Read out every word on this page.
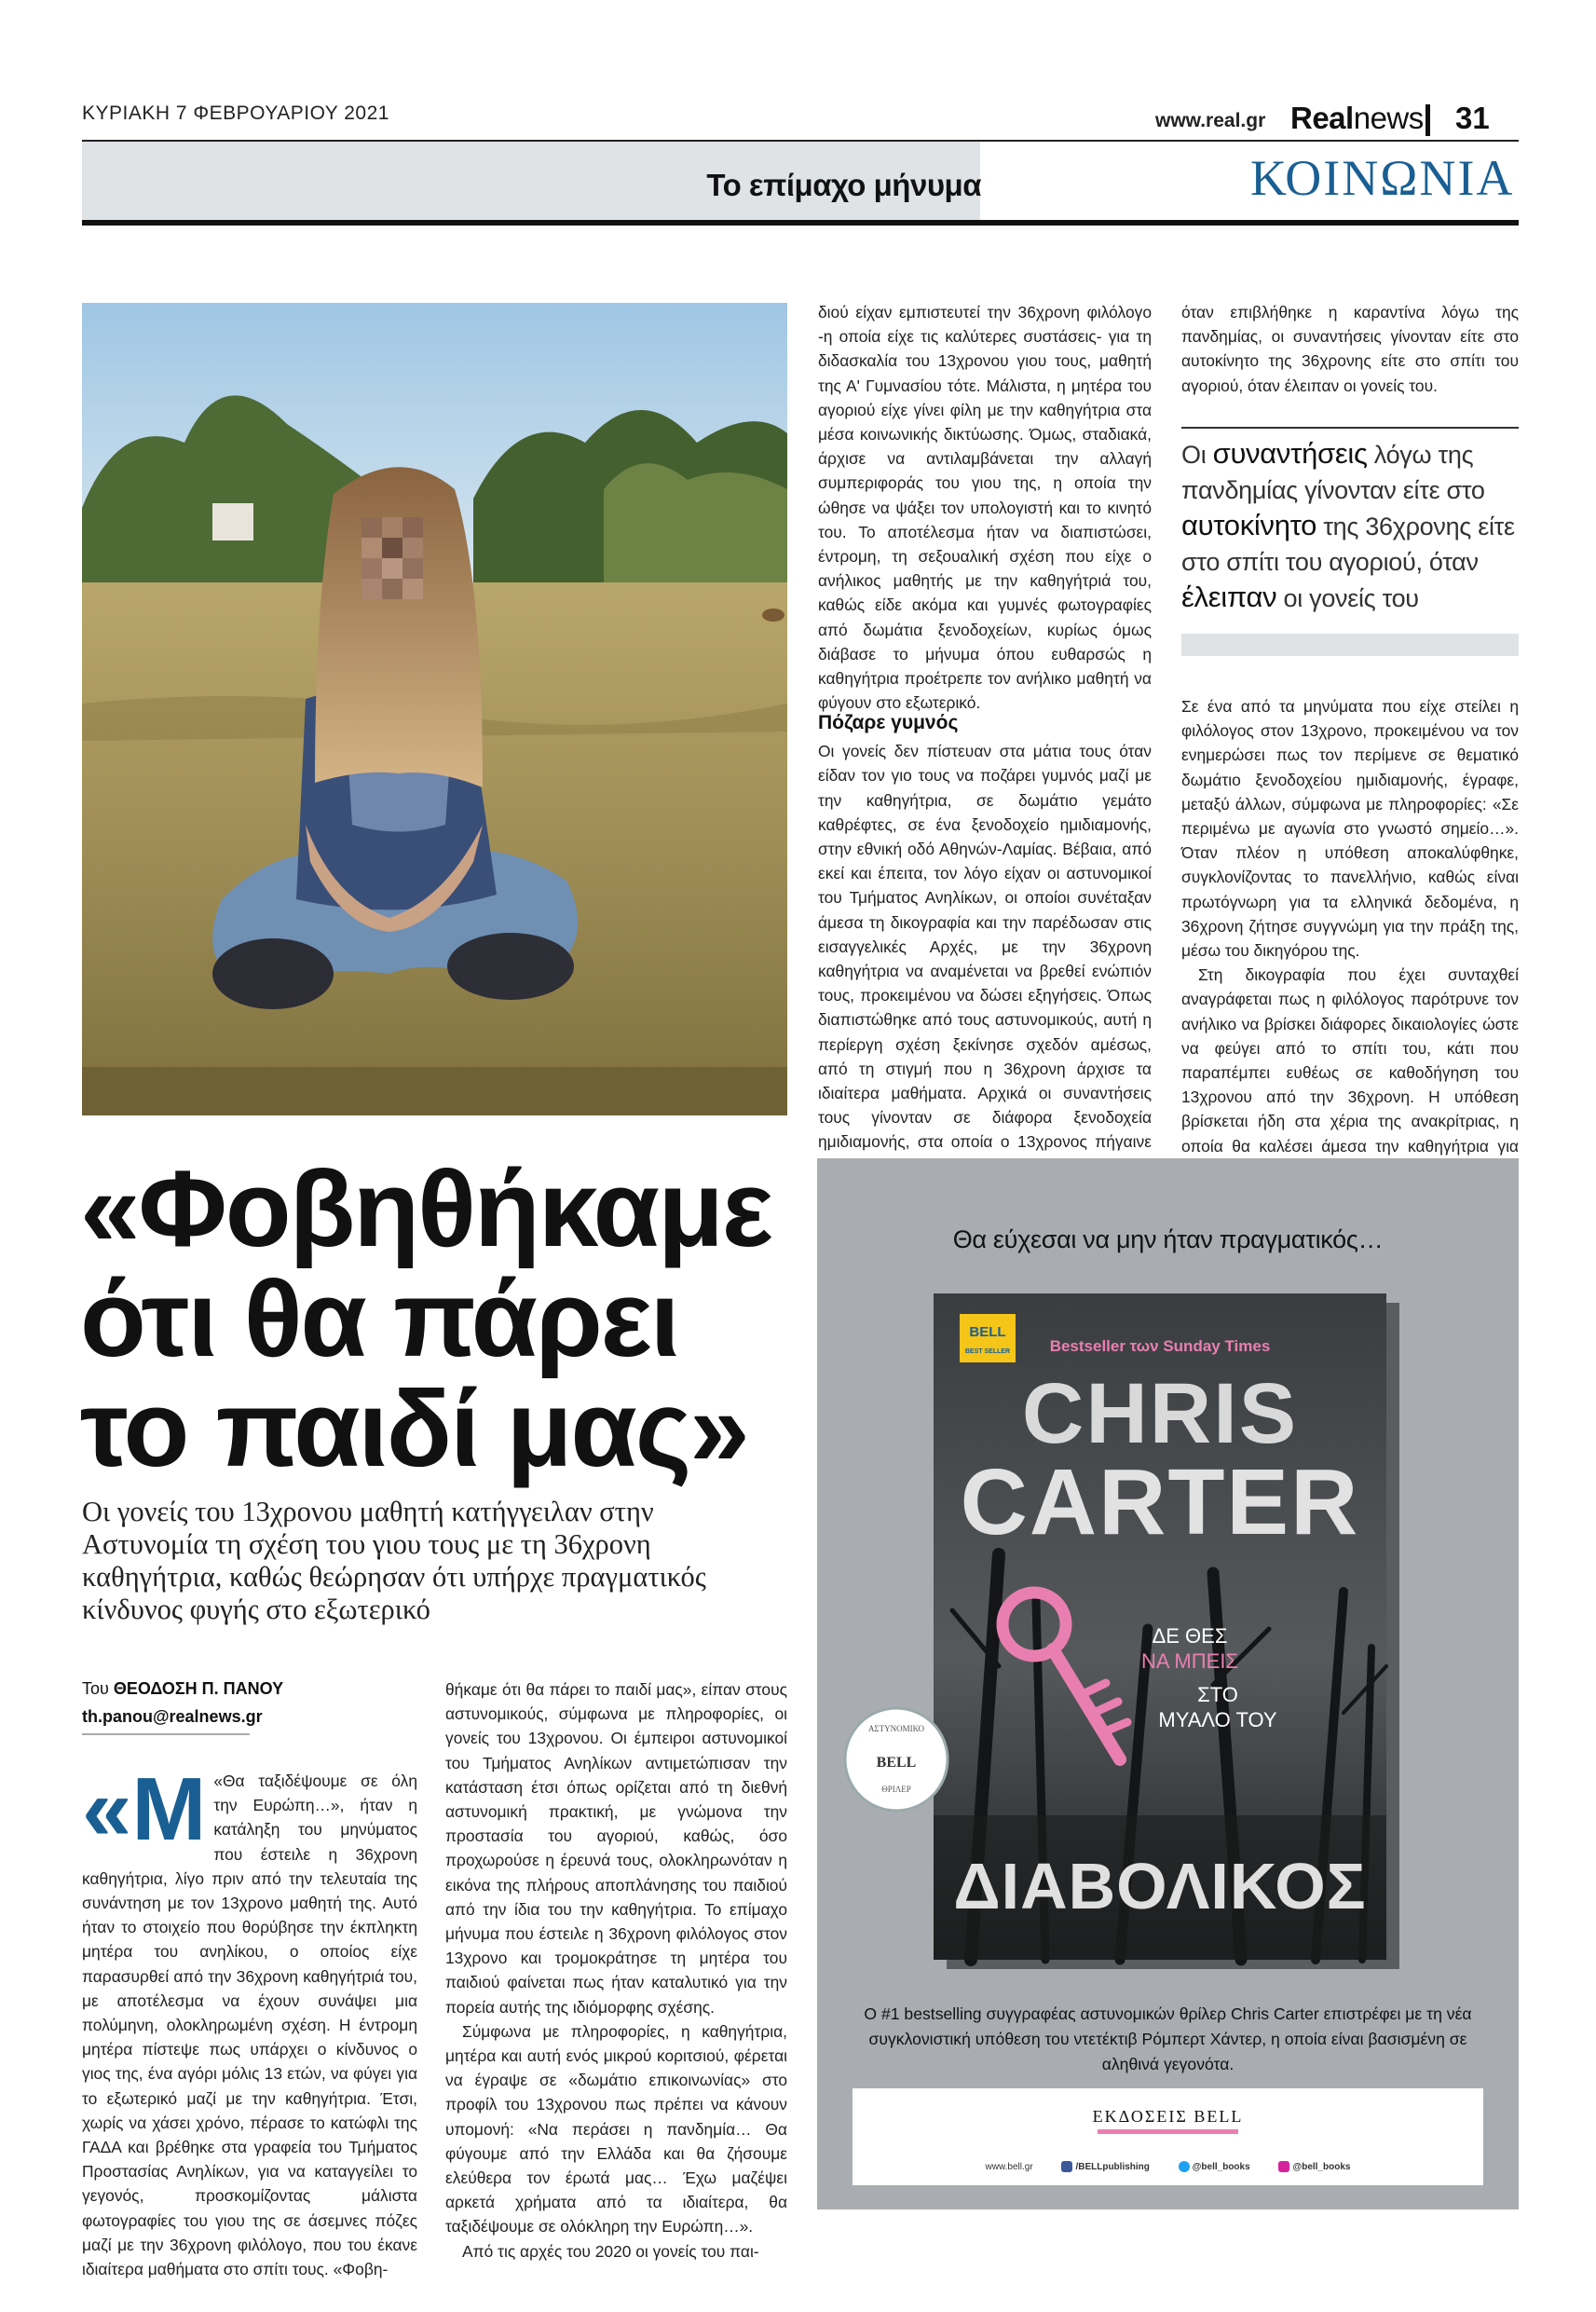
ΚΥΡΙΑΚΗ 7 ΦΕΒΡΟΥΑΡΙΟΥ 2021	www.real.gr Realnews 31
Το επίμαχο μήνυμα	ΚΟΙΝΩΝΙΑ

διού είχαν εμπιστευτεί την 36χρονη φιλόλογο -η οποία είχε τις καλύτερες συστάσεις- για τη διδασκαλία του 13χρονου γιου τους, μαθητή της Α' Γυμνασίου τότε. Μάλιστα, η μητέρα του αγοριού είχε γίνει φίλη με την καθηγήτρια στα μέσα κοινωνικής δικτύωσης. Όμως, σταδιακά, άρχισε να αντιλαμβάνεται την αλλαγή συμπεριφοράς του γιου της, η οποία την ώθησε να ψάξει τον υπολογιστή και το κινητό του. Το αποτέλεσμα ήταν να διαπιστώσει, έντρομη, τη σεξουαλική σχέση που είχε ο ανήλικος μαθητής με την καθηγήτριά του, καθώς είδε ακόμα και γυμνές φωτογραφίες από δωμάτια ξενοδοχείων, κυρίως όμως διάβασε το μήνυμα όπου ευθαρσώς η καθηγήτρια προέτρεπε τον ανήλικο μαθητή να φύγουν στο εξωτερικό.

Πόζαρε γυμνός

Οι γονείς δεν πίστευαν στα μάτια τους όταν είδαν τον γιο τους να ποζάρει γυμνός μαζί με την καθηγήτρια, σε δωμάτιο γεμάτο καθρέφτες, σε ένα ξενοδοχείο ημιδιαμονής, στην εθνική οδό Αθηνών-Λαμίας. Βέβαια, από εκεί και έπειτα, τον λόγο είχαν οι αστυνομικοί του Τμήματος Ανηλίκων, οι οποίοι συνέταξαν άμεσα τη δικογραφία και την παρέδωσαν στις εισαγγελικές Αρχές, με την 36χρονη καθηγήτρια να αναμένεται να βρεθεί ενώπιόν τους, προκειμένου να δώσει εξηγήσεις. Όπως διαπιστώθηκε από τους αστυνομικούς, αυτή η περίεργη σχέση ξεκίνησε σχεδόν αμέσως, από τη στιγμή που η 36χρονη άρχισε τα ιδιαίτερα μαθήματα. Αρχικά οι συναντήσεις τους γίνονταν σε διάφορα ξενοδοχεία ημιδιαμονής, στα οποία ο 13χρονος πήγαινε

όταν επιβλήθηκε η καραντίνα λόγω της πανδημίας, οι συναντήσεις γίνονταν είτε στο αυτοκίνητο της 36χρονης είτε στο σπίτι του αγοριού, όταν έλειπαν οι γονείς του.

Οι συναντήσεις λόγω της πανδημίας γίνονταν είτε στο αυτοκίνητο της 36χρονης είτε στο σπίτι του αγοριού, όταν έλειπαν οι γονείς του

Σε ένα από τα μηνύματα που είχε στείλει η φιλόλογος στον 13χρονο, προκειμένου να τον ενημερώσει πως τον περίμενε σε θεματικό δωμάτιο ξενοδοχείου ημιδιαμονής, έγραφε, μεταξύ άλλων, σύμφωνα με πληροφορίες: «Σε περιμένω με αγωνία στο γνωστό σημείο…». Όταν πλέον η υπόθεση αποκαλύφθηκε, συγκλονίζοντας το πανελλήνιο, καθώς είναι πρωτόγνωρη για τα ελληνικά δεδομένα, η 36χρονη ζήτησε συγγνώμη για την πράξη της, μέσω του δικηγόρου της.

Στη δικογραφία που έχει συνταχθεί αναγράφεται πως η φιλόλογος παρότρυνε τον ανήλικο να βρίσκει διάφορες δικαιολογίες ώστε να φεύγει από το σπίτι του, κάτι που παραπέμπει ευθέως σε καθοδήγηση του 13χρονου από την 36χρονη. Η υπόθεση βρίσκεται ήδη στα χέρια της ανακρίτριας, η οποία θα καλέσει άμεσα την καθηγήτρια για

«Φοβηθήκαμε ότι θα πάρει το παιδί μας»
Οι γονείς του 13χρονου μαθητή κατήγγειλαν στην Αστυνομία τη σχέση του γιου τους με τη 36χρονη καθηγήτρια, καθώς θεώρησαν ότι υπήρχε πραγματικός κίνδυνος φυγής στο εξωτερικό
Του ΘΕΟΔΟΣΗ Π. ΠΑΝΟΥ
th.panou@realnews.gr

«Μ «Θα ταξιδέψουμε σε όλη την Ευρώπη…», ήταν η κατάληξη του μηνύματος που έστειλε η 36χρονη καθηγήτρια, λίγο πριν από την τελευταία της συνάντηση με τον 13χρονο μαθητή της. Αυτό ήταν το στοιχείο που θορύβησε την έκπληκτη μητέρα του ανηλίκου, ο οποίος είχε παρασυρθεί από την 36χρονη καθηγήτριά του, με αποτέλεσμα να έχουν συνάψει μια πολύμηνη, ολοκληρωμένη σχέση. Η έντρομη μητέρα πίστεψε πως υπάρχει ο κίνδυνος ο γιος της, ένα αγόρι μόλις 13 ετών, να φύγει για το εξωτερικό μαζί με την καθηγήτρια. Έτσι, χωρίς να χάσει χρόνο, πέρασε το κατώφλι της ΓΑΔΑ και βρέθηκε στα γραφεία του Τμήματος Προστασίας Ανηλίκων, για να καταγγείλει το γεγονός, προσκομίζοντας μάλιστα φωτογραφίες του γιου της σε άσεμνες πόζες μαζί με την 36χρονη φιλόλογο, που του έκανε ιδιαίτερα μαθήματα στο σπίτι τους. «Φοβη-

θήκαμε ότι θα πάρει το παιδί μας», είπαν στους αστυνομικούς, σύμφωνα με πληροφορίες, οι γονείς του 13χρονου. Οι έμπειροι αστυνομικοί του Τμήματος Ανηλίκων αντιμετώπισαν την κατάσταση έτσι όπως ορίζεται από τη διεθνή αστυνομική πρακτική, με γνώμονα την προστασία του αγοριού, καθώς, όσο προχωρούσε η έρευνά τους, ολοκληρωνόταν η εικόνα της πλήρους αποπλάνησης του παιδιού από την ίδια του την καθηγήτρια. Το επίμαχο μήνυμα που έστειλε η 36χρονη φιλόλογος στον 13χρονο και τρομοκράτησε τη μητέρα του παιδιού φαίνεται πως ήταν καταλυτικό για την πορεία αυτής της ιδιόμορφης σχέσης.

Σύμφωνα με πληροφορίες, η καθηγήτρια, μητέρα και αυτή ενός μικρού κοριτσιού, φέρεται να έγραψε σε «δωμάτιο επικοινωνίας» στο προφίλ του 13χρονου πως πρέπει να κάνουν υπομονή: «Να περάσει η πανδημία… Θα φύγουμε από την Ελλάδα και θα ζήσουμε ελεύθερα τον έρωτά μας… Έχω μαζέψει αρκετά χρήματα από τα ιδιαίτερα, θα ταξιδέψουμε σε ολόκληρη την Ευρώπη…».

Από τις αρχές του 2020 οι γονείς του παι-

Θα εύχεσαι να μην ήταν πραγματικός…
BELL
BEST SELLER	Bestseller των Sunday Times
CHRIS
CARTER
ΔΕ ΘΕΣ
ΝΑ ΜΠΕΙΣ
ΣΤΟ
ΜΥΑΛΟ ΤΟΥ
ΑΣΤΥΝΟΜΙΚΟ
BELL
ΘΡΙΛΕΡ
ΔΙΑΒΟΛΙΚΟΣ
Ο #1 bestselling συγγραφέας αστυνομικών θρίλερ Chris Carter επιστρέφει με τη νέα συγκλονιστική υπόθεση του ντετέκτιβ Ρόμπερτ Χάντερ, η οποία είναι βασισμένη σε αληθινά γεγονότα.
ΕΚΔΟΣΕΙΣ BELL
www.bell.gr	/BELLpublishing	@bell_books	@bell_books
